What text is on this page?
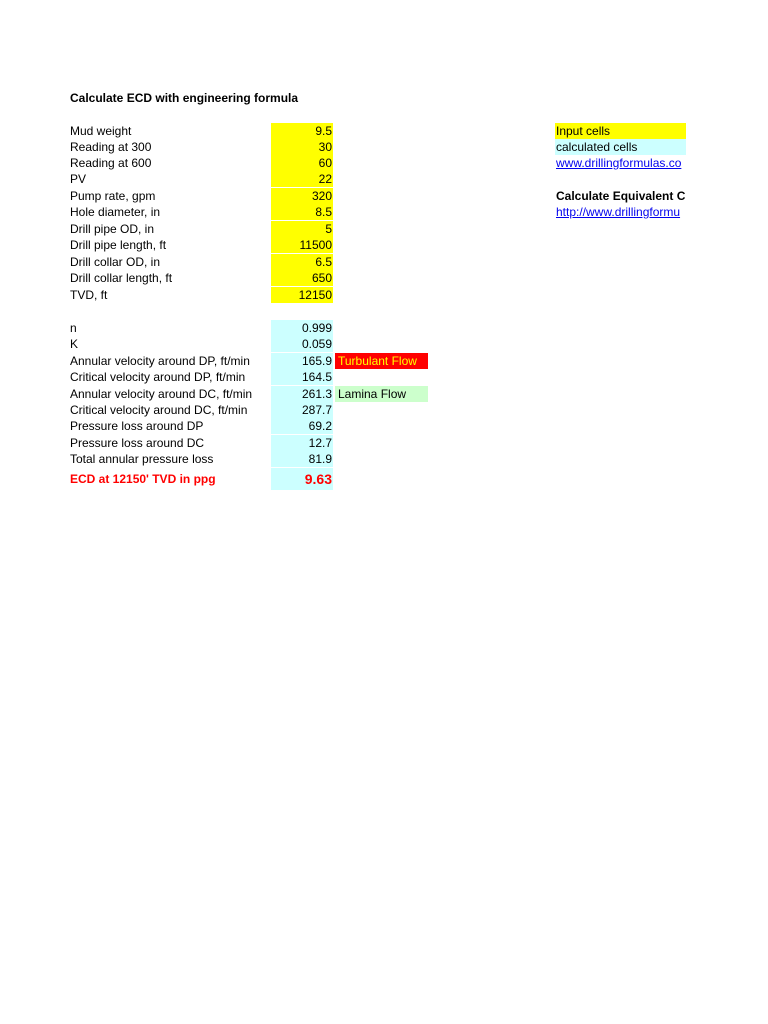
Calculate ECD with engineering formula
Mud weight	9.5
Reading at 300	30
Reading at 600	60
PV	22
Pump rate, gpm	320
Hole diameter, in	8.5
Drill pipe OD, in	5
Drill pipe length, ft	11500
Drill collar OD, in	6.5
Drill collar length, ft	650
TVD, ft	12150
n	0.999
K	0.059
Annular velocity around DP, ft/min	165.9 Turbulant Flow
Critical velocity around DP, ft/min	164.5
Annular velocity around DC, ft/min	261.3 Lamina Flow
Critical velocity around DC, ft/min	287.7
Pressure loss around DP	69.2
Pressure loss around DC	12.7
Total annular pressure loss	81.9
ECD at 12150' TVD in ppg	9.63
Input cells
calculated cells
www.drillingformulas.co
Calculate Equivalent C
http://www.drillingformu
